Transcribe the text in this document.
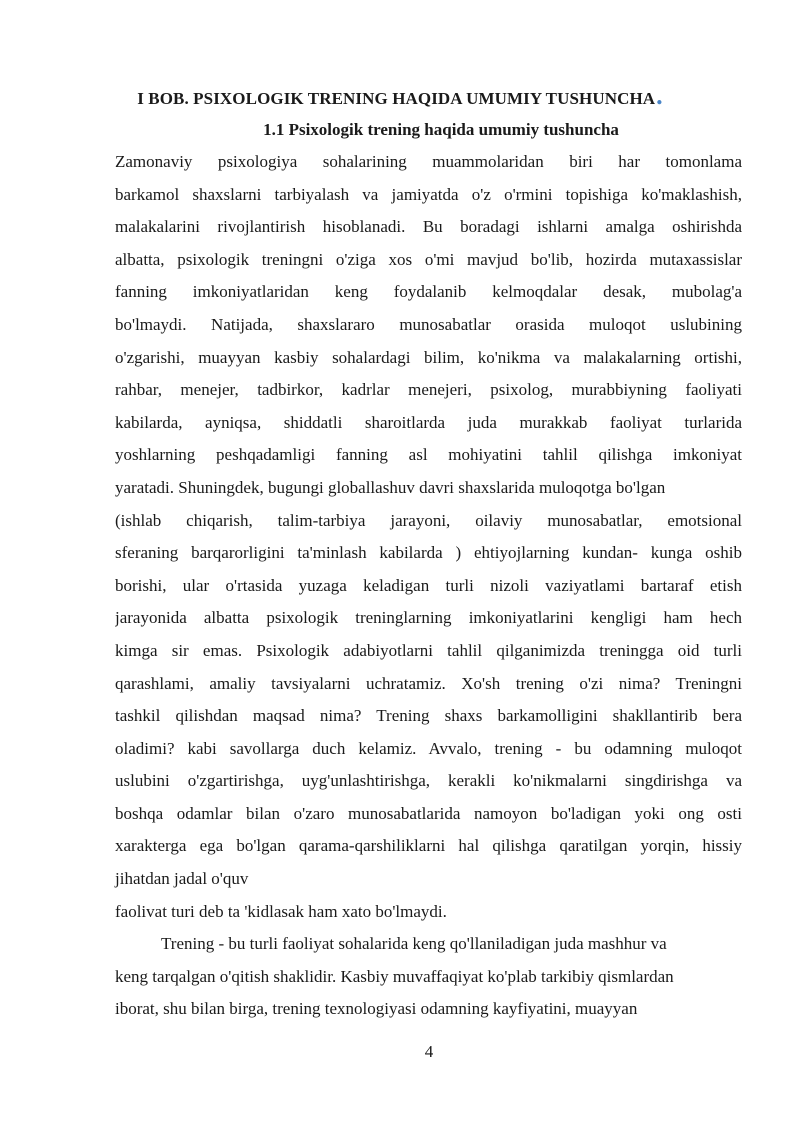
I BOB. PSIXOLOGIK TRENING HAQIDA UMUMIY TUSHUNCHA.
1.1 Psixologik trening haqida umumiy tushuncha
Zamonaviy psixologiya sohalarining muammolaridan biri har tomonlama
barkamol shaxslarni tarbiyalash va jamiyatda o'z o'rmini topishiga ko'maklashish,
malakalarini rivojlantirish hisoblanadi. Bu boradagi ishlarni amalga oshirishda
albatta, psixologik treningni o'ziga xos o'mi mavjud bo'lib, hozirda mutaxassislar
fanning imkoniyatlaridan keng foydalanib kelmoqdalar desak, mubolag'a
bo'lmaydi. Natijada, shaxslararo munosabatlar orasida muloqot uslubining
o'zgarishi, muayyan kasbiy sohalardagi bilim, ko'nikma va malakalarning ortishi,
rahbar, menejer, tadbirkor, kadrlar menejeri, psixolog, murabbiyning faoliyati
kabilarda, ayniqsa, shiddatli sharoitlarda juda murakkab faoliyat turlarida
yoshlarning peshqadamligi fanning asl mohiyatini tahlil qilishga imkoniyat
yaratadi. Shuningdek, bugungi globallashuv davri shaxslarida muloqotga bo'lgan
(ishlab chiqarish, talim-tarbiya jarayoni, oilaviy munosabatlar, emotsional
sferaning barqarorligini ta'minlash kabilarda ) ehtiyojlarning kundan- kunga oshib
borishi, ular o'rtasida yuzaga keladigan turli nizoli vaziyatlami bartaraf etish
jarayonida albatta psixologik treninglarning imkoniyatlarini kengligi ham hech
kimga sir emas. Psixologik adabiyotlarni tahlil qilganimizda treningga oid turli
qarashlami, amaliy tavsiyalarni uchratamiz. Xo'sh trening o'zi nima? Treningni
tashkil qilishdan maqsad nima? Trening shaxs barkamolligini shakllantirib bera
oladimi? kabi savollarga duch kelamiz. Avvalo, trening - bu odamning muloqot
uslubini o'zgartirishga, uyg'unlashtirishga, kerakli ko'nikmalarni singdirishga va
boshqa odamlar bilan o'zaro munosabatlarida namoyon bo'ladigan yoki ong osti
xarakterga ega bo'lgan qarama-qarshiliklarni hal qilishga qaratilgan yorqin, hissiy
jihatdan jadal o'quv
faolivat turi deb ta 'kidlasak ham xato bo'lmaydi.
Trening - bu turli faoliyat sohalarida keng qo'llaniladigan juda mashhur va
keng tarqalgan o'qitish shaklidir. Kasbiy muvaffaqiyat ko'plab tarkibiy qismlardan
iborat, shu bilan birga, trening texnologiyasi odamning kayfiyatini, muayyan
4
